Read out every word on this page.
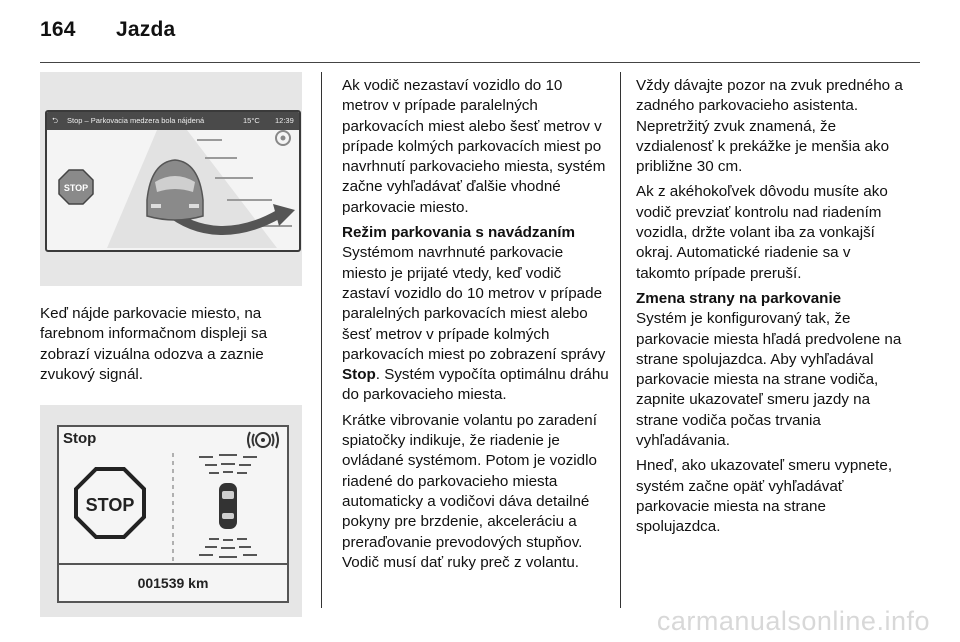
164 Jazda
⮌ Stop – Parkovacia medzera bola nájdená	15°C 12:39
STOP

Keď nájde parkovacie miesto, na farebnom informačnom displeji sa zobrazí vizuálna odozva a zaznie zvukový signál.

Stop
STOP
001539 km

Ak vodič nezastaví vozidlo do 10 metrov v prípade paralelných parkovacích miest alebo šesť metrov v prípade kolmých parkovacích miest po navrhnutí parkovacieho miesta, systém začne vyhľadávať ďalšie vhodné parkovacie miesto.

Režim parkovania s navádzaním
Systémom navrhnuté parkovacie miesto je prijaté vtedy, keď vodič zastaví vozidlo do 10 metrov v prípade paralelných parkovacích miest alebo šesť metrov v prípade kolmých parkovacích miest po zobrazení správy Stop. Systém vypočíta optimálnu dráhu do parkovacieho miesta.

Krátke vibrovanie volantu po zaradení spiatočky indikuje, že riadenie je ovládané systémom. Potom je vozidlo riadené do parkovacieho miesta automaticky a vodičovi dáva detailné pokyny pre brzdenie, akceleráciu a preraďovanie prevodových stupňov. Vodič musí dať ruky preč z volantu.

Vždy dávajte pozor na zvuk predného a zadného parkovacieho asistenta. Nepretržitý zvuk znamená, že vzdialenosť k prekážke je menšia ako približne 30 cm.

Ak z akéhokoľvek dôvodu musíte ako vodič prevziať kontrolu nad riadením vozidla, držte volant iba za vonkajší okraj. Automatické riadenie sa v takomto prípade preruší.

Zmena strany na parkovanie
Systém je konfigurovaný tak, že parkovacie miesta hľadá predvolene na strane spolujazdca. Aby vyhľadával parkovacie miesta na strane vodiča, zapnite ukazovateľ smeru jazdy na strane vodiča počas trvania vyhľadávania.

Hneď, ako ukazovateľ smeru vypnete, systém začne opäť vyhľadávať parkovacie miesta na strane spolujazdca.

carmanualsonline.info
